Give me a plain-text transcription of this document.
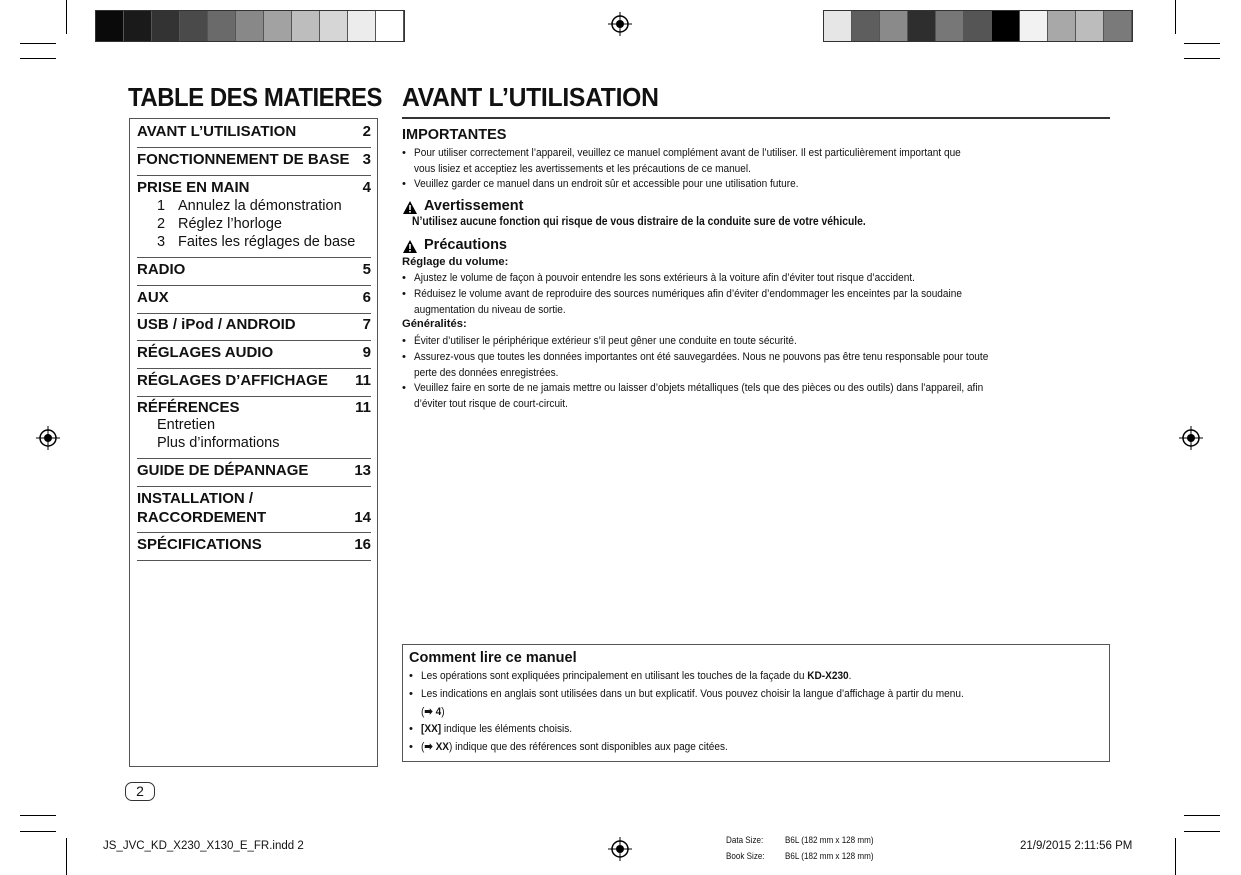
TABLE DES MATIERES
AVANT L’UTILISATION	2
FONCTIONNEMENT DE BASE 3
PRISE EN MAIN	4
1 Annulez la démonstration
2 Réglez l’horloge
3 Faites les réglages de base
RADIO	5
AUX	6
USB / iPod / ANDROID	7
RÉGLAGES AUDIO	9
RÉGLAGES D’AFFICHAGE 11
RÉFÉRENCES	11
Entretien
Plus d’informations
GUIDE DE DÉPANNAGE	13
INSTALLATION /
RACCORDEMENT	14
SPÉCIFICATIONS	16
AVANT L’UTILISATION
IMPORTANTES
• Pour utiliser correctement l’appareil, veuillez ce manuel complément avant de l’utiliser. Il est particulièrement important que
vous lisiez et acceptiez les avertissements et les précautions de ce manuel.
• Veuillez garder ce manuel dans un endroit sûr et accessible pour une utilisation future.
Avertissement
N’utilisez aucune fonction qui risque de vous distraire de la conduite sure de votre véhicule.
Précautions
Réglage du volume:
• Ajustez le volume de façon à pouvoir entendre les sons extérieurs à la voiture afin d’éviter tout risque d’accident.
• Réduisez le volume avant de reproduire des sources numériques afin d’éviter d’endommager les enceintes par la soudaine
augmentation du niveau de sortie.
Généralités:
• Éviter d’utiliser le périphérique extérieur s’il peut gêner une conduite en toute sécurité.
• Assurez-vous que toutes les données importantes ont été sauvegardées. Nous ne pouvons pas être tenu responsable pour toute
perte des données enregistrées.
• Veuillez faire en sorte de ne jamais mettre ou laisser d’objets métalliques (tels que des pièces ou des outils) dans l’appareil, afin
d’éviter tout risque de court-circuit.
Comment lire ce manuel
• Les opérations sont expliquées principalement en utilisant les touches de la façade du KD-X230.
• Les indications en anglais sont utilisées dans un but explicatif. Vous pouvez choisir la langue d’affichage à partir du menu.
(➡ 4)
• [XX] indique les éléments choisis.
• (➡ XX) indique que des références sont disponibles aux page citées.
2
JS_JVC_KD_X230_X130_E_FR.indd 2	Data Size: B6L (182 mm x 128 mm)
Book Size: B6L (182 mm x 128 mm)
21/9/2015 2:11:56 PM
